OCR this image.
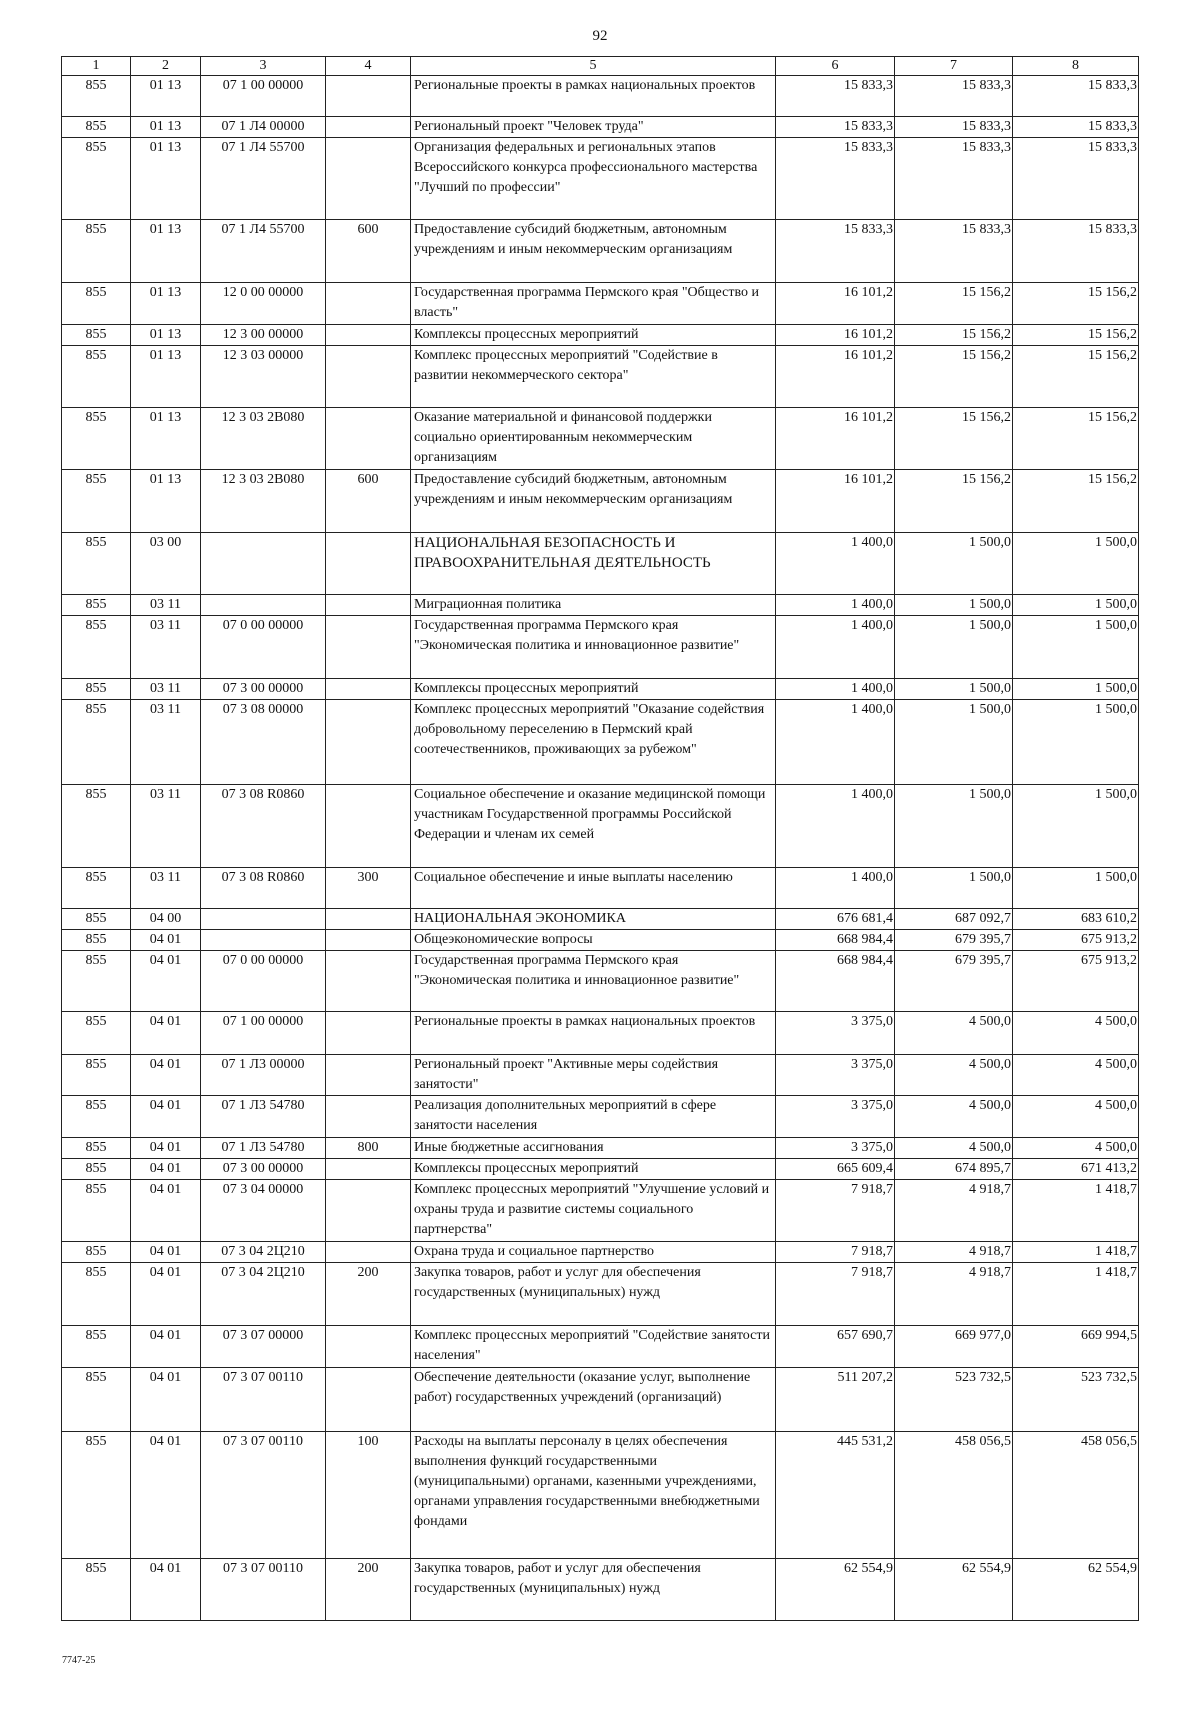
92
1	2	3	4	5	6	7	8
855	01 13	07 1 00 00000		Региональные проекты в рамках национальных проектов	15 833,3	15 833,3	15 833,3
855	01 13	07 1 Л4 00000		Региональный проект "Человек труда"	15 833,3	15 833,3	15 833,3
855	01 13	07 1 Л4 55700		Организация федеральных и региональных этапов Всероссийского конкурса профессионального мастерства "Лучший по профессии"	15 833,3	15 833,3	15 833,3
855	01 13	07 1 Л4 55700	600	Предоставление субсидий бюджетным, автономным учреждениям и иным некоммерческим организациям	15 833,3	15 833,3	15 833,3
855	01 13	12 0 00 00000		Государственная программа Пермского края "Общество и власть"	16 101,2	15 156,2	15 156,2
855	01 13	12 3 00 00000		Комплексы процессных мероприятий	16 101,2	15 156,2	15 156,2
855	01 13	12 3 03 00000		Комплекс процессных мероприятий "Содействие в развитии некоммерческого сектора"	16 101,2	15 156,2	15 156,2
855	01 13	12 3 03 2В080		Оказание материальной и финансовой поддержки социально ориентированным некоммерческим организациям	16 101,2	15 156,2	15 156,2
855	01 13	12 3 03 2В080	600	Предоставление субсидий бюджетным, автономным учреждениям и иным некоммерческим организациям	16 101,2	15 156,2	15 156,2
855	03 00			НАЦИОНАЛЬНАЯ БЕЗОПАСНОСТЬ И ПРАВООХРАНИТЕЛЬНАЯ ДЕЯТЕЛЬНОСТЬ	1 400,0	1 500,0	1 500,0
855	03 11			Миграционная политика	1 400,0	1 500,0	1 500,0
855	03 11	07 0 00 00000		Государственная программа Пермского края "Экономическая политика и инновационное развитие"	1 400,0	1 500,0	1 500,0
855	03 11	07 3 00 00000		Комплексы процессных мероприятий	1 400,0	1 500,0	1 500,0
855	03 11	07 3 08 00000		Комплекс процессных мероприятий "Оказание содействия добровольному переселению в Пермский край соотечественников, проживающих за рубежом"	1 400,0	1 500,0	1 500,0
855	03 11	07 3 08 R0860		Социальное обеспечение и оказание медицинской помощи участникам Государственной программы Российской Федерации и членам их семей	1 400,0	1 500,0	1 500,0
855	03 11	07 3 08 R0860	300	Социальное обеспечение и иные выплаты населению	1 400,0	1 500,0	1 500,0
855	04 00			НАЦИОНАЛЬНАЯ ЭКОНОМИКА	676 681,4	687 092,7	683 610,2
855	04 01			Общеэкономические вопросы	668 984,4	679 395,7	675 913,2
855	04 01	07 0 00 00000		Государственная программа Пермского края "Экономическая политика и инновационное развитие"	668 984,4	679 395,7	675 913,2
855	04 01	07 1 00 00000		Региональные проекты в рамках национальных проектов	3 375,0	4 500,0	4 500,0
855	04 01	07 1 Л3 00000		Региональный проект "Активные меры содействия занятости"	3 375,0	4 500,0	4 500,0
855	04 01	07 1 Л3 54780		Реализация дополнительных мероприятий в сфере занятости населения	3 375,0	4 500,0	4 500,0
855	04 01	07 1 Л3 54780	800	Иные бюджетные ассигнования	3 375,0	4 500,0	4 500,0
855	04 01	07 3 00 00000		Комплексы процессных мероприятий	665 609,4	674 895,7	671 413,2
855	04 01	07 3 04 00000		Комплекс процессных мероприятий "Улучшение условий и охраны труда и развитие системы социального партнерства"	7 918,7	4 918,7	1 418,7
855	04 01	07 3 04 2Ц210		Охрана труда и социальное партнерство	7 918,7	4 918,7	1 418,7
855	04 01	07 3 04 2Ц210	200	Закупка товаров, работ и услуг для обеспечения государственных (муниципальных) нужд	7 918,7	4 918,7	1 418,7
855	04 01	07 3 07 00000		Комплекс процессных мероприятий "Содействие занятости населения"	657 690,7	669 977,0	669 994,5
855	04 01	07 3 07 00110		Обеспечение деятельности (оказание услуг, выполнение работ) государственных учреждений (организаций)	511 207,2	523 732,5	523 732,5
855	04 01	07 3 07 00110	100	Расходы на выплаты персоналу в целях обеспечения выполнения функций государственными (муниципальными) органами, казенными учреждениями, органами управления государственными внебюджетными фондами	445 531,2	458 056,5	458 056,5
855	04 01	07 3 07 00110	200	Закупка товаров, работ и услуг для обеспечения государственных (муниципальных) нужд	62 554,9	62 554,9	62 554,9
7747-25
